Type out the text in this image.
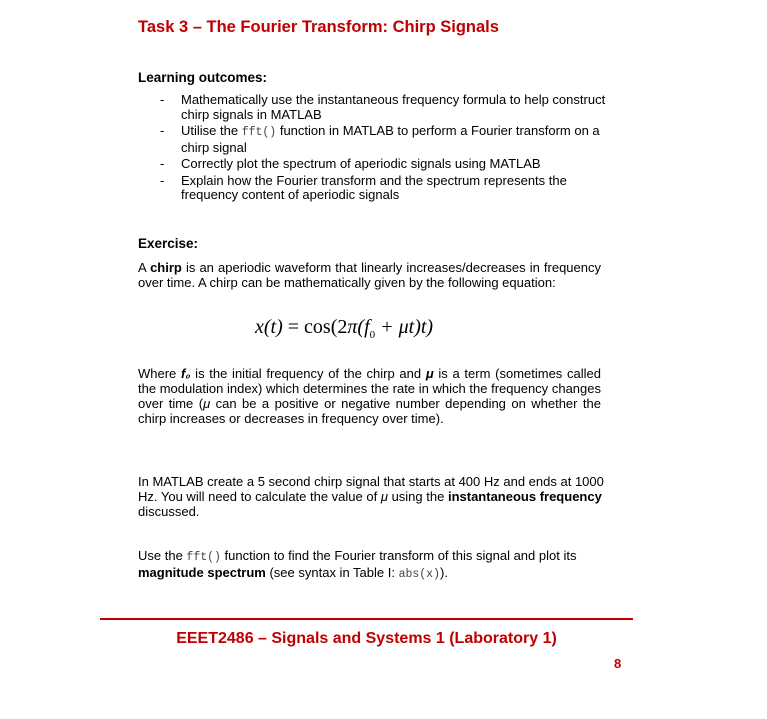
Task 3 – The Fourier Transform: Chirp Signals
Learning outcomes:
- Mathematically use the instantaneous frequency formula to help construct chirp signals in MATLAB
- Utilise the fft() function in MATLAB to perform a Fourier transform on a chirp signal
- Correctly plot the spectrum of aperiodic signals using MATLAB
- Explain how the Fourier transform and the spectrum represents the frequency content of aperiodic signals
Exercise:
A chirp is an aperiodic waveform that linearly increases/decreases in frequency over time. A chirp can be mathematically given by the following equation:
$x(t) = \cos(2\pi(f_0 + \mu t)t)$
Where f₀ is the initial frequency of the chirp and μ is a term (sometimes called the modulation index) which determines the rate in which the frequency changes over time (μ can be a positive or negative number depending on whether the chirp increases or decreases in frequency over time).
In MATLAB create a 5 second chirp signal that starts at 400 Hz and ends at 1000 Hz. You will need to calculate the value of μ using the instantaneous frequency discussed.
Use the fft() function to find the Fourier transform of this signal and plot its magnitude spectrum (see syntax in Table I: abs(x)).
EEET2486 – Signals and Systems 1 (Laboratory 1)
8
